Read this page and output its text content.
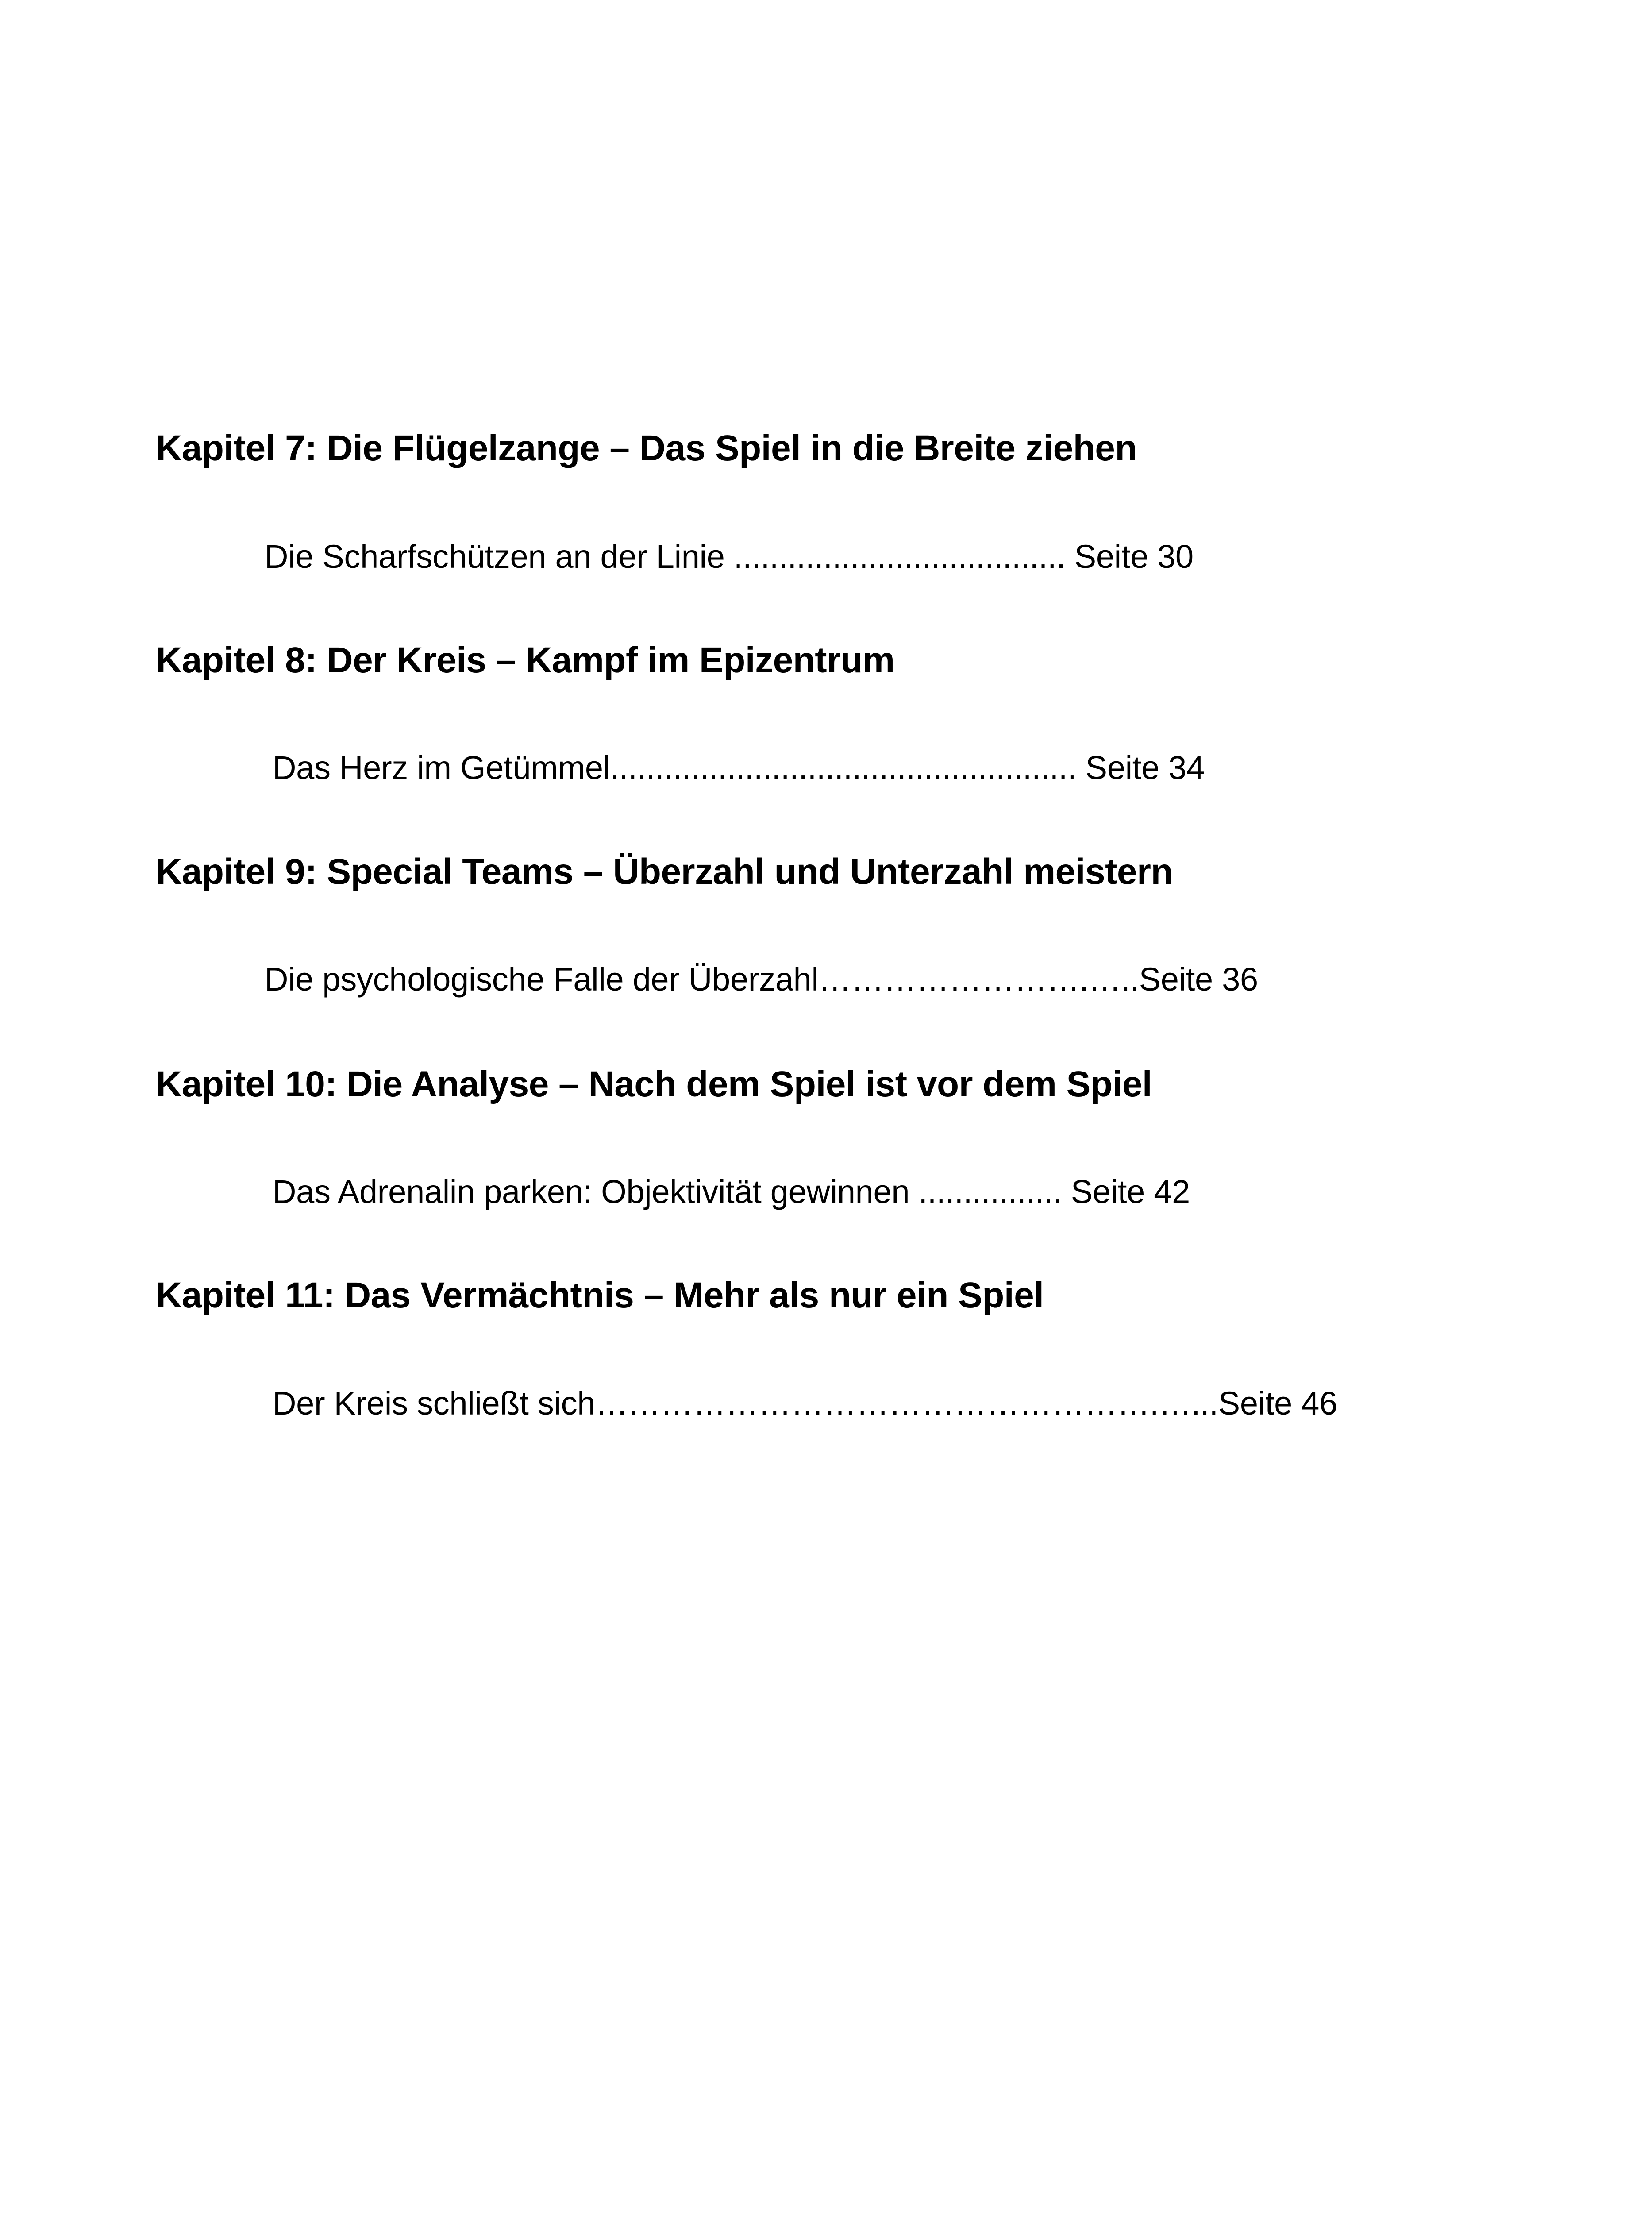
Kapitel 7: Die Flügelzange – Das Spiel in die Breite ziehen
Die Scharfschützen an der Linie ..................................... Seite 30
Kapitel 8: Der Kreis – Kampf im Epizentrum
Das Herz im Getümmel.................................................... Seite 34
Kapitel 9: Special Teams – Überzahl und Unterzahl meistern
Die psychologische Falle der Überzahl…………………….…..Seite 36
Kapitel 10: Die Analyse – Nach dem Spiel ist vor dem Spiel
Das Adrenalin parken: Objektivität gewinnen ................ Seite 42
Kapitel 11: Das Vermächtnis – Mehr als nur ein Spiel
Der Kreis schließt sich…………………………………………….…...Seite 46
